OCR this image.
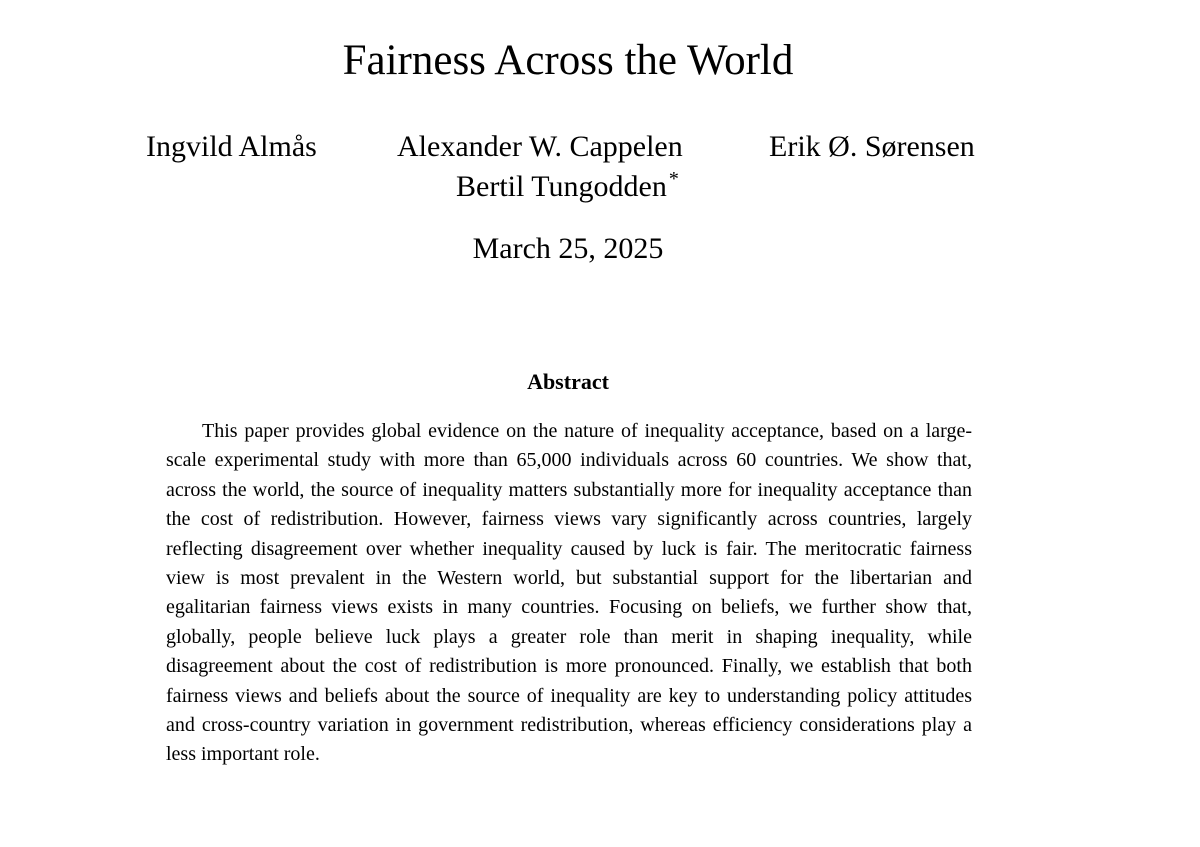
Fairness Across the World
Ingvild Almås	Alexander W. Cappelen	Erik Ø. Sørensen
Bertil Tungodden *
March 25, 2025
Abstract

This paper provides global evidence on the nature of inequality acceptance, based on a large-scale experimental study with more than 65,000 individuals across 60 countries. We show that, across the world, the source of inequality matters substantially more for inequality acceptance than the cost of redistribution. However, fairness views vary significantly across countries, largely reflecting disagreement over whether inequality caused by luck is fair. The meritocratic fairness view is most prevalent in the Western world, but substantial support for the libertarian and egalitarian fairness views exists in many countries. Focusing on beliefs, we further show that, globally, people believe luck plays a greater role than merit in shaping inequality, while disagreement about the cost of redistribution is more pronounced. Finally, we establish that both fairness views and beliefs about the source of inequality are key to understanding policy attitudes and cross-country variation in government redistribution, whereas efficiency considerations play a less important role.
